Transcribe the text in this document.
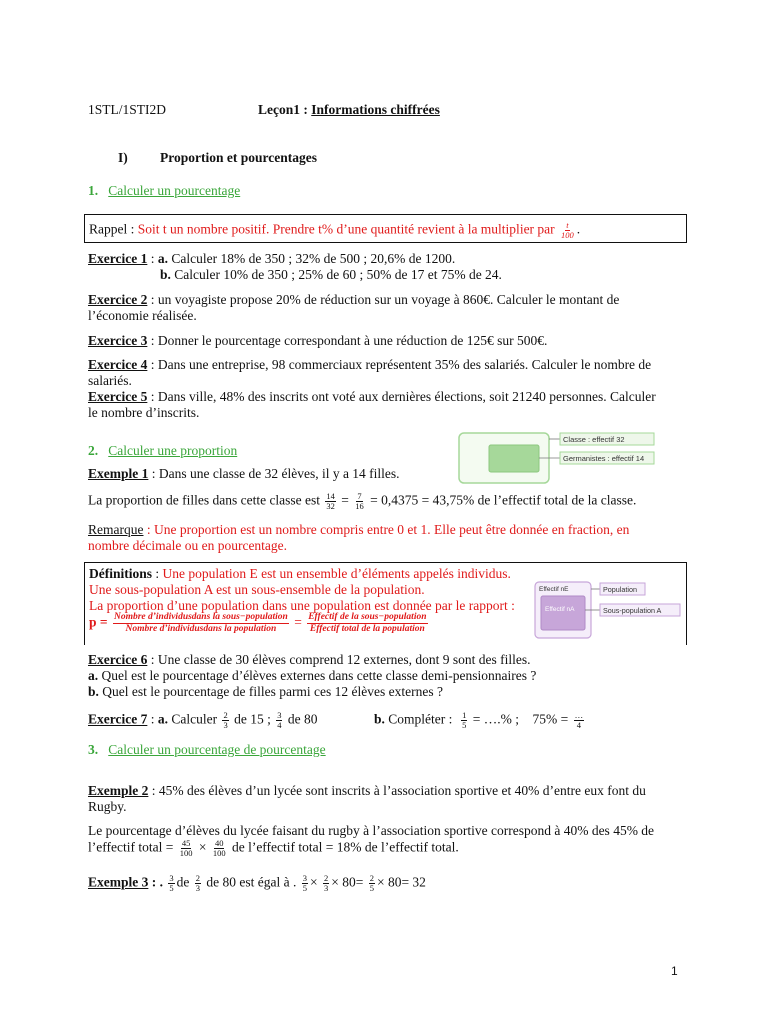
1STL/1STI2D	Leçon1 : Informations chiffrées
I) Proportion et pourcentages
1. Calculer un pourcentage
Rappel : Soit t un nombre positif. Prendre t% d’une quantité revient à la multiplier par $\frac{t}{100}$ .
Exercice 1 : a. Calculer 18% de 350 ; 32% de 500 ; 20,6% de 1200.
b. Calculer 10% de 350 ; 25% de 60 ; 50% de 17 et 75% de 24.
Exercice 2 : un voyagiste propose 20% de réduction sur un voyage à 860€. Calculer le montant de
l’économie réalisée.
Exercice 3 : Donner le pourcentage correspondant à une réduction de 125€ sur 500€.
Exercice 4 : Dans une entreprise, 98 commerciaux représentent 35% des salariés. Calculer le nombre de
salariés.
Exercice 5 : Dans ville, 48% des inscrits ont voté aux dernières élections, soit 21240 personnes. Calculer
le nombre d’inscrits.
2. Calculer une proportion
Classe : effectif 32
Germanistes : effectif 14
Exemple 1 : Dans une classe de 32 élèves, il y a 14 filles.
La proportion de filles dans cette classe est $\frac{14}{32} = \frac{7}{16} = 0,4375 = 43,75\%$ de l’effectif total de la classe.
Remarque : Une proportion est un nombre compris entre 0 et 1. Elle peut être donnée en fraction, en
nombre décimale ou en pourcentage.
Définitions : Une population E est un ensemble d’éléments appelés individus.
Une sous-population A est un sous-ensemble de la population.
La proportion d’une population dans une population est donnée par le rapport :
$p = \frac{\text{Nombre d’individusdans la sous−population}}{\text{Nombre d’individusdans la population}} = \frac{\text{Effectif de la sous−population}}{\text{Effectif total de la population}}$
Effectif nE
Effectif nA
Population
Sous-population A
Exercice 6 : Une classe de 30 élèves comprend 12 externes, dont 9 sont des filles.
a. Quel est le pourcentage d’élèves externes dans cette classe demi-pensionnaires ?
b. Quel est le pourcentage de filles parmi ces 12 élèves externes ?
Exercice 7 : a. Calculer $\frac{2}{3}$ de 15 ; $\frac{3}{4}$ de 80	b. Compléter : $\frac{1}{5}$ = ….% ; $75\% = \frac{\dots}{4}$
3. Calculer un pourcentage de pourcentage
Exemple 2 : 45% des élèves d’un lycée sont inscrits à l’association sportive et 40% d’entre eux font du
Rugby.
Le pourcentage d’élèves du lycée faisant du rugby à l’association sportive correspond à 40% des 45% de
l’effectif total = $\frac{45}{100} \times \frac{40}{100}$ de l’effectif total = 18% de l’effectif total.
Exemple 3 : . $\frac{3}{5}$ de $\frac{2}{3}$ de 80 est égal à . $\frac{3}{5} \times \frac{2}{3} \times 80= \frac{2}{5} \times 80= 32$
1
